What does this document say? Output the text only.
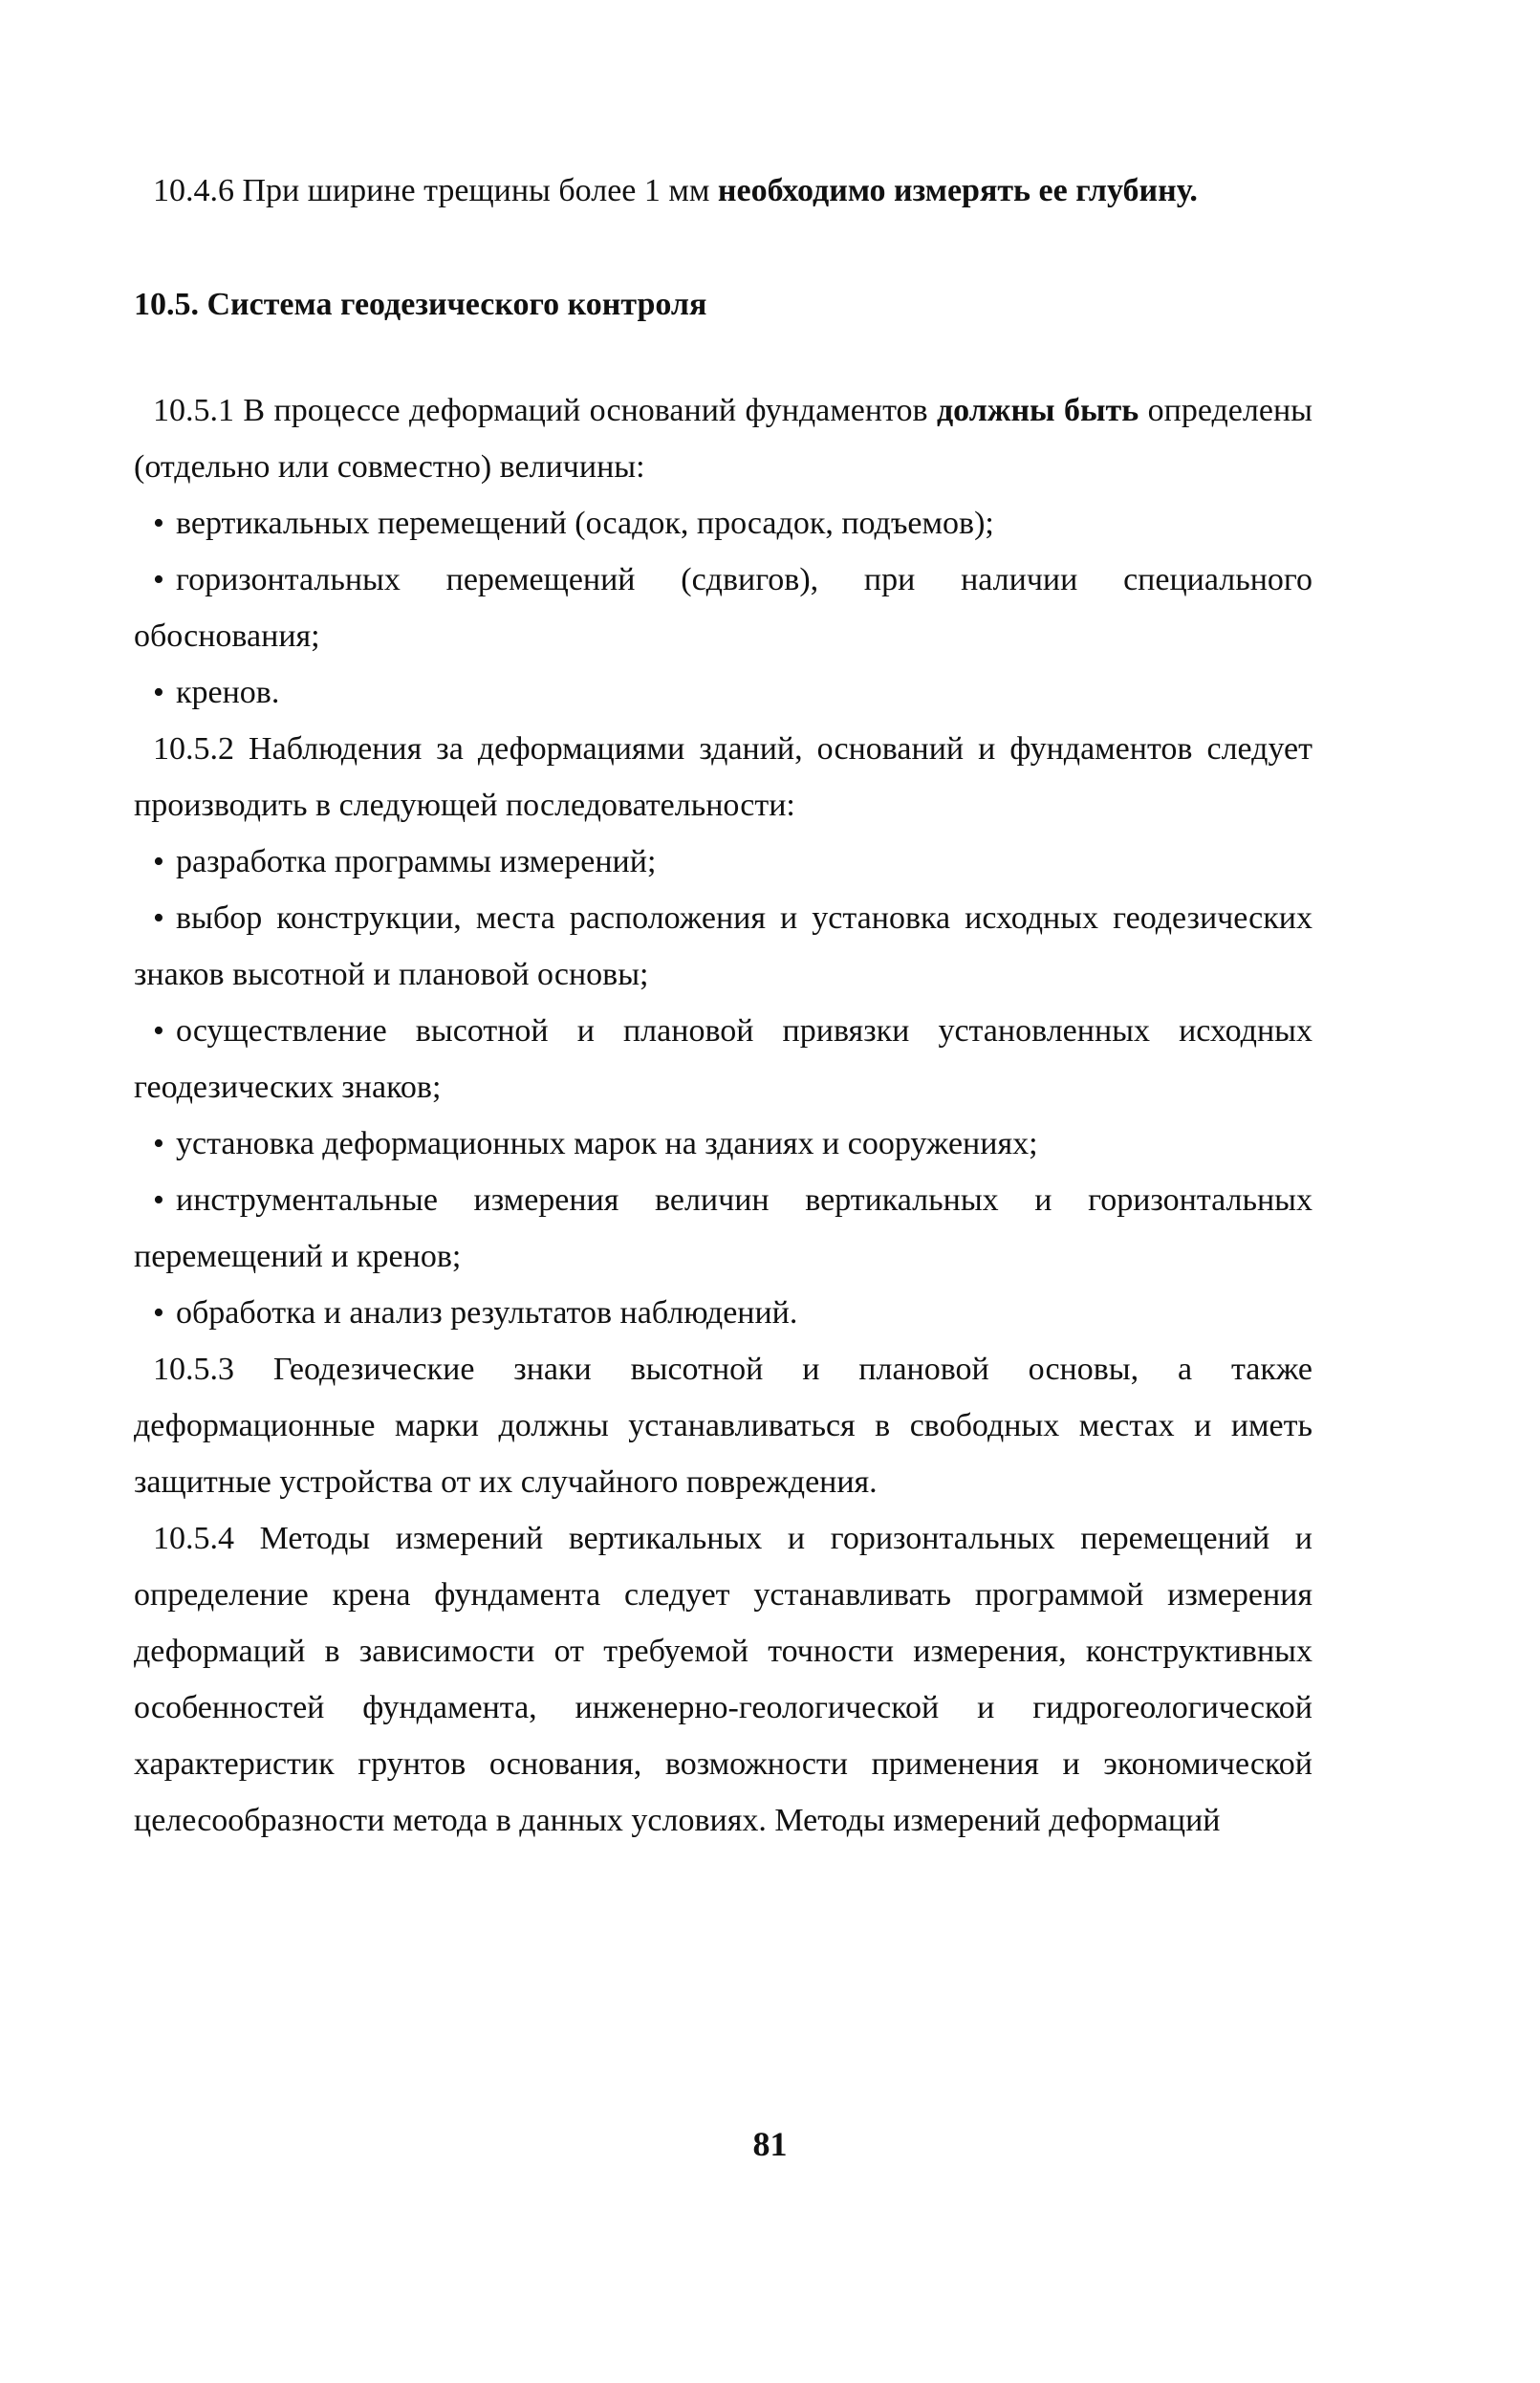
10.4.6 При ширине трещины более 1 мм необходимо измерять ее глубину.

10.5. Система геодезического контроля

10.5.1 В процессе деформаций оснований фундаментов должны быть определены (отдельно или совместно) величины:

• вертикальных перемещений (осадок, просадок, подъемов);

• горизонтальных перемещений (сдвигов), при наличии специального обоснования;

• кренов.

10.5.2 Наблюдения за деформациями зданий, оснований и фундаментов следует производить в следующей последовательности:

• разработка программы измерений;

• выбор конструкции, места расположения и установка исходных геодезических знаков высотной и плановой основы;

• осуществление высотной и плановой привязки установленных исходных геодезических знаков;

• установка деформационных марок на зданиях и сооружениях;

• инструментальные измерения величин вертикальных и горизонтальных перемещений и кренов;

• обработка и анализ результатов наблюдений.

10.5.3 Геодезические знаки высотной и плановой основы, а также деформационные марки должны устанавливаться в свободных местах и иметь защитные устройства от их случайного повреждения.

10.5.4 Методы измерений вертикальных и горизонтальных перемещений и определение крена фундамента следует устанавливать программой измерения деформаций в зависимости от требуемой точности измерения, конструктивных особенностей фундамента, инженерно-геологической и гидрогеологической характеристик грунтов основания, возможности применения и экономической целесообразности метода в данных условиях. Методы измерений деформаций

81
